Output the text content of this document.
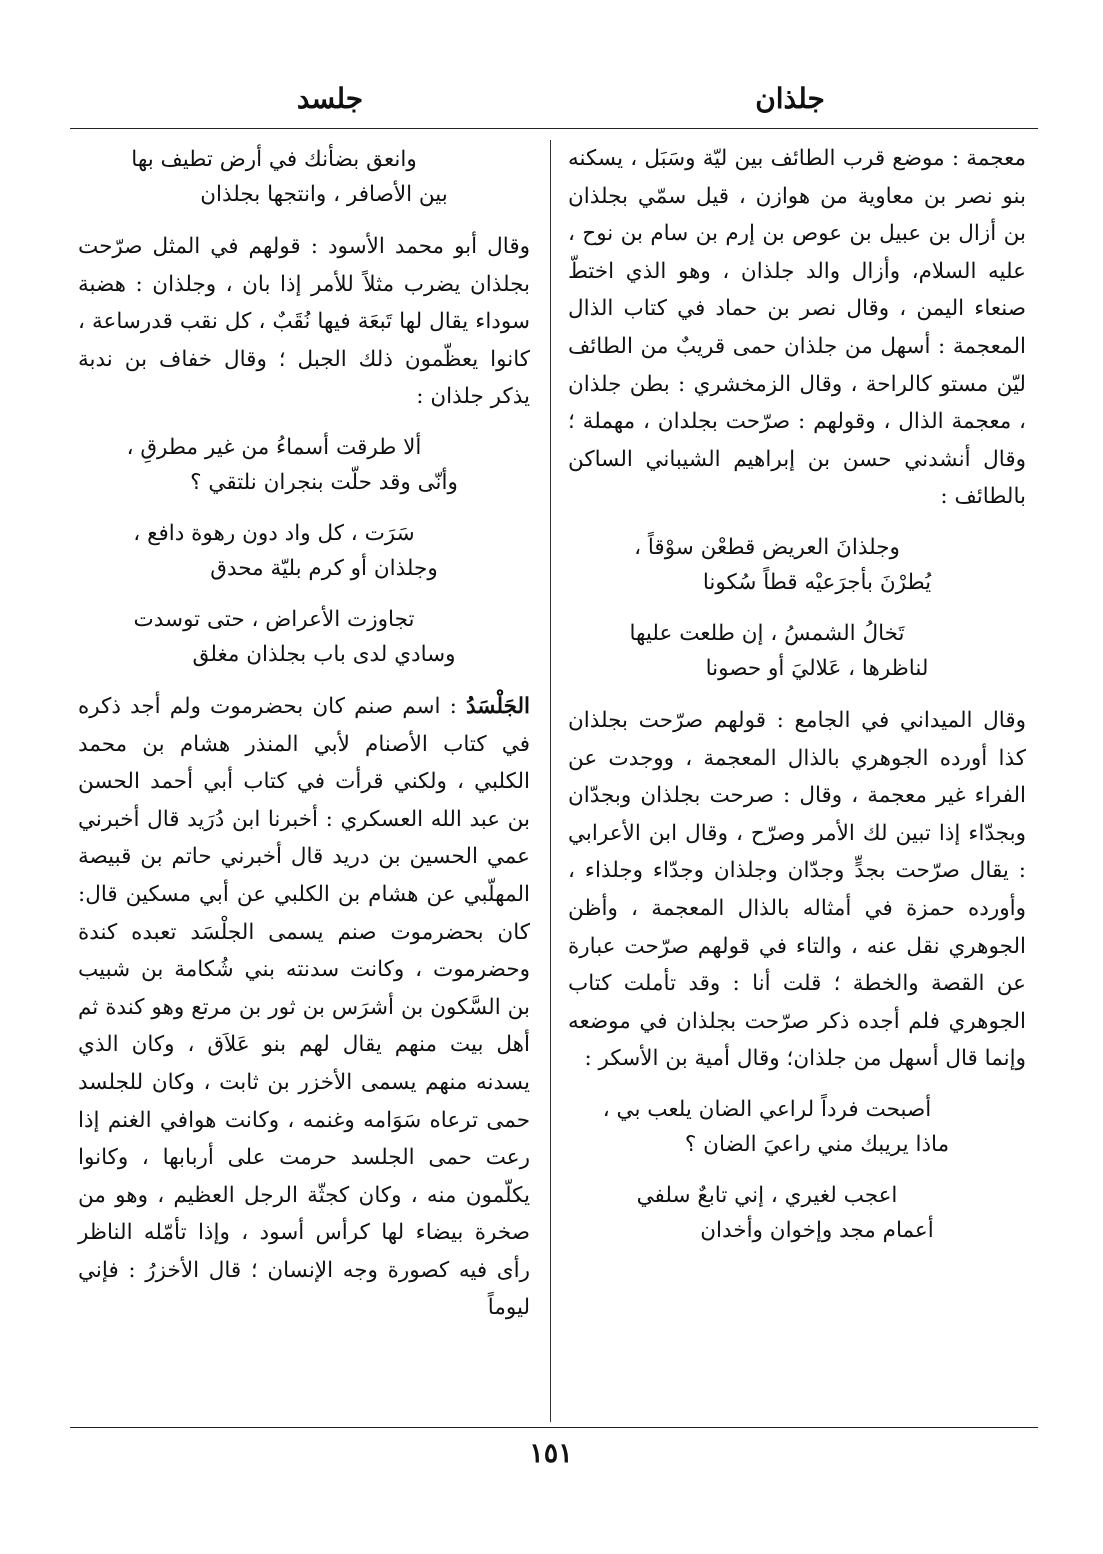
جلذان
جلسد

معجمة : موضع قرب الطائف بين ليّة وسَبَل ، يسكنه بنو نصر بن معاوية من هوازن ، قيل سمّي بجلذان بن أزال بن عبيل بن عوص بن إرم بن سام بن نوح ، عليه السلام، وأزال والد جلذان ، وهو الذي اختطّ صنعاء اليمن ، وقال نصر بن حماد في كتاب الذال المعجمة : أسهل من جلذان حمى قريبٌ من الطائف ليّن مستو كالراحة ، وقال الزمخشري : بطن جلذان ، معجمة الذال ، وقولهم : صرّحت بجلدان ، مهملة ؛ وقال أنشدني حسن بن إبراهيم الشيباني الساكن بالطائف :

وجلذانَ العريض قطعْن سوْقاً ،
يُطرْنَ بأجرَعيْه قطاً سُكونا
تَخالُ الشمسُ ، إن طلعت عليها
لناظرها ، عَلاليَ أو حصونا

وقال الميداني في الجامع : قولهم صرّحت بجلذان كذا أورده الجوهري بالذال المعجمة ، ووجدت عن الفراء غير معجمة ، وقال : صرحت بجلذان وبجدّان وبجدّاء إذا تبين لك الأمر وصرّح ، وقال ابن الأعرابي : يقال صرّحت بجدٍّ وجدّان وجلذان وجدّاء وجلذاء ، وأورده حمزة في أمثاله بالذال المعجمة ، وأظن الجوهري نقل عنه ، والتاء في قولهم صرّحت عبارة عن القصة والخطة ؛ قلت أنا : وقد تأملت كتاب الجوهري فلم أجده ذكر صرّحت بجلذان في موضعه وإنما قال أسهل من جلذان؛ وقال أمية بن الأسكر :

أصبحت فرداً لراعي الضان يلعب بي ،
ماذا يريبك مني راعيَ الضان ؟
اعجب لغيري ، إني تابعٌ سلفي
أعمام مجد وإخوان وأخدان
وانعق بضأنك في أرض تطيف بها
بين الأصافر ، وانتجها بجلذان

وقال أبو محمد الأسود : قولهم في المثل صرّحت بجلذان يضرب مثلاً للأمر إذا بان ، وجلذان : هضبة سوداء يقال لها تَبعَة فيها نُقَبٌ ، كل نقب قدرساعة ، كانوا يعظّمون ذلك الجبل ؛ وقال خفاف بن ندبة يذكر جلذان :

ألا طرقت أسماءُ من غير مطرقِ ،
وأنّى وقد حلّت بنجران نلتقي ؟
سَرَت ، كل واد دون رهوة دافع ،
وجلذان أو كرم بليّة محدق
تجاوزت الأعراض ، حتى توسدت
وسادي لدى باب بجلذان مغلق

الجَلْسَدُ : اسم صنم كان بحضرموت ولم أجد ذكره في كتاب الأصنام لأبي المنذر هشام بن محمد الكلبي ، ولكني قرأت في كتاب أبي أحمد الحسن بن عبد الله العسكري : أخبرنا ابن دُرَيد قال أخبرني عمي الحسين بن دريد قال أخبرني حاتم بن قبيصة المهلّبي عن هشام بن الكلبي عن أبي مسكين قال: كان بحضرموت صنم يسمى الجلْسَد تعبده كندة وحضرموت ، وكانت سدنته بني شُكامة بن شبيب بن السَّكون بن أشرَس بن ثور بن مرتع وهو كندة ثم أهل بيت منهم يقال لهم بنو عَلاَق ، وكان الذي يسدنه منهم يسمى الأخزر بن ثابت ، وكان للجلسد حمى ترعاه سَوَامه وغنمه ، وكانت هوافي الغنم إذا رعت حمى الجلسد حرمت على أربابها ، وكانوا يكلّمون منه ، وكان كجثّة الرجل العظيم ، وهو من صخرة بيضاء لها كرأس أسود ، وإذا تأمّله الناظر رأى فيه كصورة وجه الإنسان ؛ قال الأخزرُ : فإني ليوماً

١٥١
